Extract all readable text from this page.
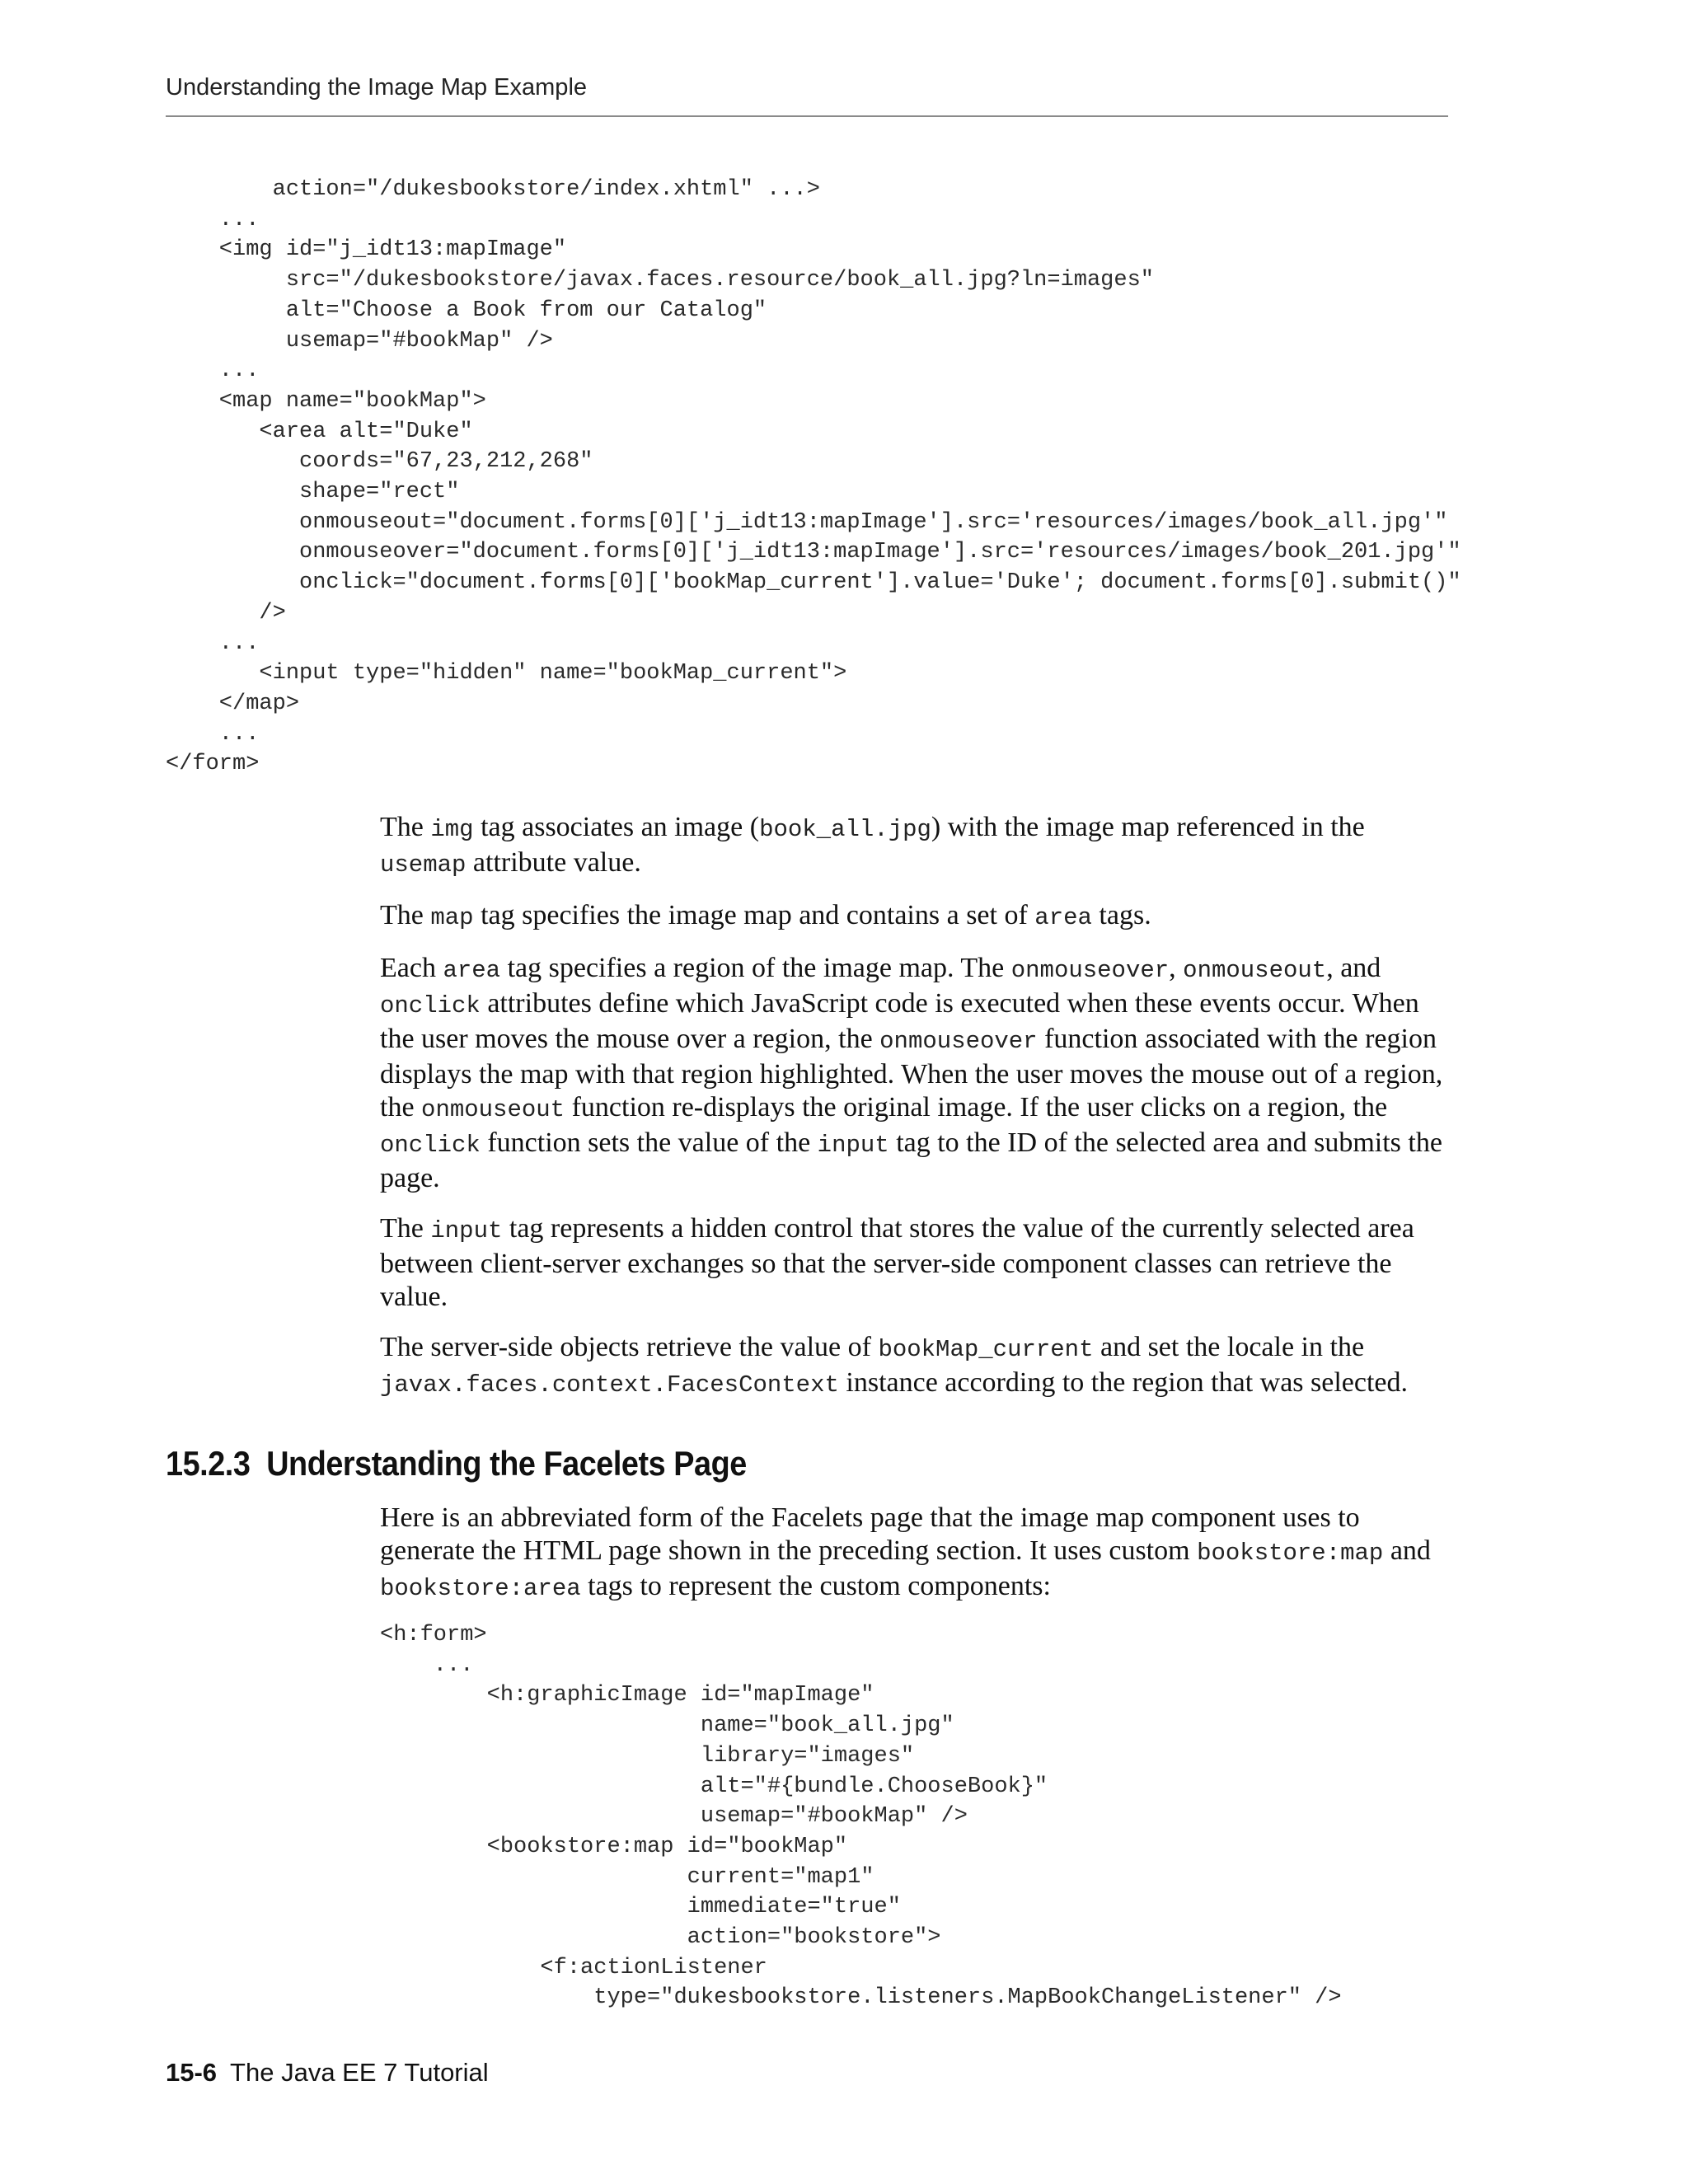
Understanding the Image Map Example
action="/dukesbookstore/index.xhtml" ...>
...
<img id="j_idt13:mapImage"
src="/dukesbookstore/javax.faces.resource/book_all.jpg?ln=images"
alt="Choose a Book from our Catalog"
usemap="#bookMap" />
...
<map name="bookMap">
<area alt="Duke"
coords="67,23,212,268"
shape="rect"
onmouseout="document.forms[0]['j_idt13:mapImage'].src='resources/images/book_all.jpg'"
onmouseover="document.forms[0]['j_idt13:mapImage'].src='resources/images/book_201.jpg'"
onclick="document.forms[0]['bookMap_current'].value='Duke'; document.forms[0].submit()"
/>
...
<input type="hidden" name="bookMap_current">
</map>
...
</form>

The img tag associates an image (book_all.jpg) with the image map referenced in the usemap attribute value.

The map tag specifies the image map and contains a set of area tags.

Each area tag specifies a region of the image map. The onmouseover, onmouseout, and onclick attributes define which JavaScript code is executed when these events occur. When the user moves the mouse over a region, the onmouseover function associated with the region displays the map with that region highlighted. When the user moves the mouse out of a region, the onmouseout function re-displays the original image. If the user clicks on a region, the onclick function sets the value of the input tag to the ID of the selected area and submits the page.

The input tag represents a hidden control that stores the value of the currently selected area between client-server exchanges so that the server-side component classes can retrieve the value.

The server-side objects retrieve the value of bookMap_current and set the locale in the javax.faces.context.FacesContext instance according to the region that was selected.

15.2.3 Understanding the Facelets Page

Here is an abbreviated form of the Facelets page that the image map component uses to generate the HTML page shown in the preceding section. It uses custom bookstore:map and bookstore:area tags to represent the custom components:

<h:form>
...
<h:graphicImage id="mapImage"
name="book_all.jpg"
library="images"
alt="#{bundle.ChooseBook}"
usemap="#bookMap" />
<bookstore:map id="bookMap"
current="map1"
immediate="true"
action="bookstore">
<f:actionListener
type="dukesbookstore.listeners.MapBookChangeListener" />
15-6 The Java EE 7 Tutorial
